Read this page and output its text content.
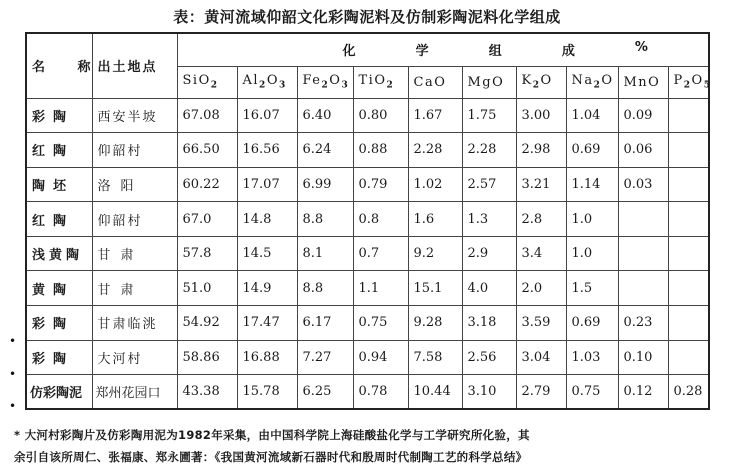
表：黄河流域仰韶文化彩陶泥料及仿制彩陶泥料化学组成
名 称	出土地点	化 学 组 成 %									

		SiO$_2$	$Al_2O_3$	$Fe_2O_3$	TiO$_2$	CaO	MgO	$K_2O$	$Na_2O$	MnO	$P_2O_5$
彩陶	西安半坡	67.08	16.07	6.40	0.80	1.67	1.75	3.00	1.04	0.09	
红陶	仰韶村	66.50	16.56	6.24	0.88	2.28	2.28	2.98	0.69	0.06	
陶坯	洛阳	60.22	17.07	6.99	0.79	1.02	2.57	3.21	1.14	0.03	
红陶	仰韶村	67.0	14.8	8.8	0.8	1.6	1.3	2.8	1.0		
浅黄陶	甘肃	57.8	14.5	8.1	0.7	9.2	2.9	3.4	1.0		
黄陶	甘肃	51.0	14.9	8.8	1.1	15.1	4.0	2.0	1.5		
彩陶	甘肃临洮	54.92	17.47	6.17	0.75	9.28	3.18	3.59	0.69	0.23	
彩陶	大河村	58.86	16.88	7.27	0.94	7.58	2.56	3.04	1.03	0.10	
仿彩陶泥	郑州花园口	43.38	15.78	6.25	0.78	10.44	3.10	2.79	0.75	0.12	0.28
•
•
•
* 大河村彩陶片及仿彩陶用泥为1982年采集，由中国科学院上海硅酸盐化学与工学研究所化验，其
余引自该所周仁、张福康、郑永圃著：《我国黄河流域新石器时代和殷周时代制陶工艺的科学总结》
